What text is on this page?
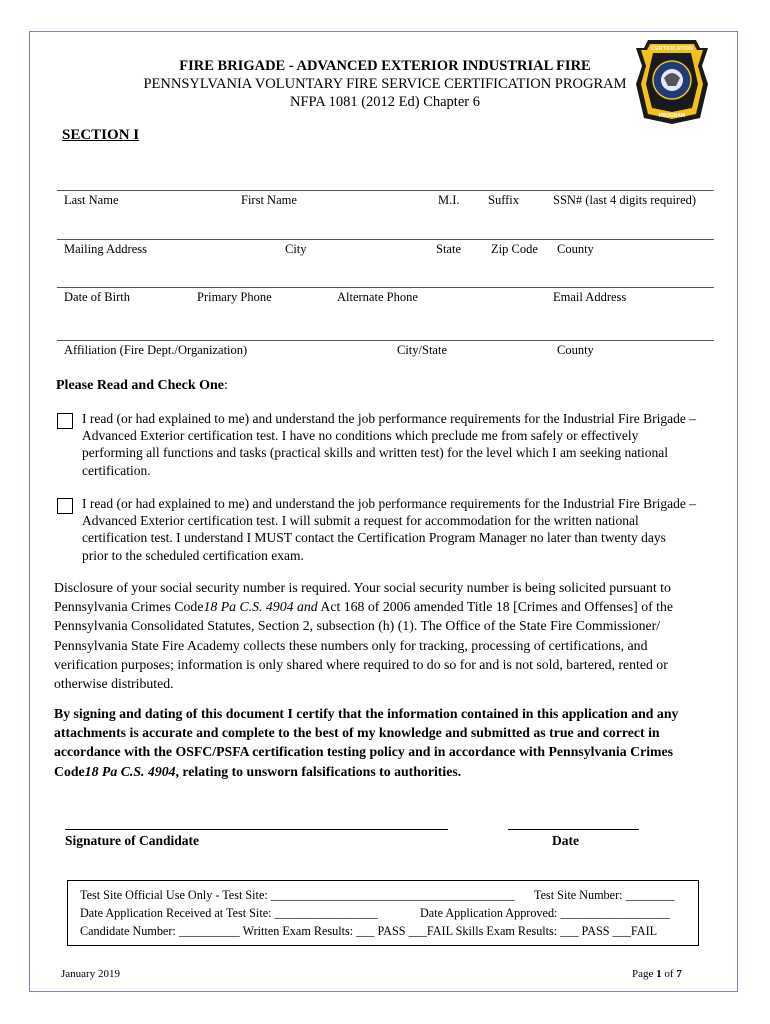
FIRE BRIGADE - ADVANCED EXTERIOR INDUSTRIAL FIRE
PENNSYLVANIA VOLUNTARY FIRE SERVICE CERTIFICATION PROGRAM
NFPA 1081 (2012 Ed) Chapter 6
CERTIFICATION
PROGRAM
SECTION I
Last Name	First Name	M.I. Suffix	SSN# (last 4 digits required)
Mailing Address	City	State Zip Code County
Date of Birth	Primary Phone	Alternate Phone	Email Address
Affiliation (Fire Dept./Organization)	City/State	County
Please Read and Check One:
I read (or had explained to me) and understand the job performance requirements for the Industrial Fire Brigade –
Advanced Exterior certification test. I have no conditions which preclude me from safely or effectively
performing all functions and tasks (practical skills and written test) for the level which I am seeking national
certification.
I read (or had explained to me) and understand the job performance requirements for the Industrial Fire Brigade –
Advanced Exterior certification test. I will submit a request for accommodation for the written national
certification test. I understand I MUST contact the Certification Program Manager no later than twenty days
prior to the scheduled certification exam.
Disclosure of your social security number is required. Your social security number is being solicited pursuant to
Pennsylvania Crimes Code18 Pa C.S. 4904 and Act 168 of 2006 amended Title 18 [Crimes and Offenses] of the
Pennsylvania Consolidated Statutes, Section 2, subsection (h) (1). The Office of the State Fire Commissioner/
Pennsylvania State Fire Academy collects these numbers only for tracking, processing of certifications, and
verification purposes; information is only shared where required to do so for and is not sold, bartered, rented or
otherwise distributed.
By signing and dating of this document I certify that the information contained in this application and any
attachments is accurate and complete to the best of my knowledge and submitted as true and correct in
accordance with the OSFC/PSFA certification testing policy and in accordance with Pennsylvania Crimes
Code18 Pa C.S. 4904, relating to unsworn falsifications to authorities.
Signature of Candidate	Date
Test Site Official Use Only - Test Site: ________________________________________ Test Site Number: ________
Date Application Received at Test Site: _________________	Date Application Approved: __________________
Candidate Number: __________ Written Exam Results: ___ PASS ___FAIL Skills Exam Results: ___ PASS ___FAIL
January 2019	Page 1 of 7
